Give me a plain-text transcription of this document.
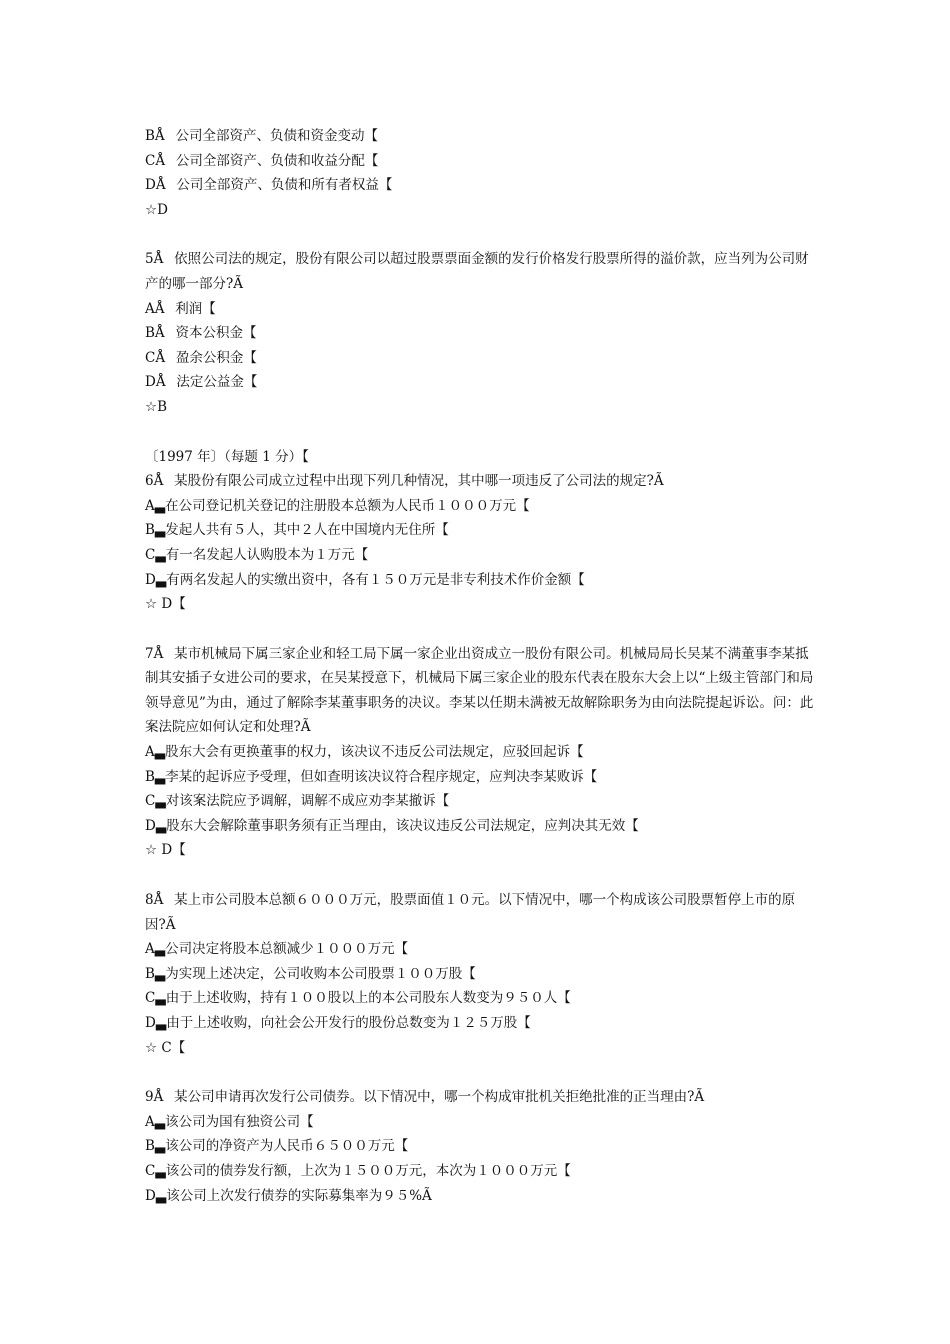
BÅ公司全部资产、负债和资金变动【

CÅ公司全部资产、负债和收益分配【

DÅ公司全部资产、负债和所有者权益【

☆D

5Å依照公司法的规定，股份有限公司以超过股票票面金额的发行价格发行股票所得的溢价款，应当列为公司财产的哪一部分?Ã

AÅ利润【

BÅ资本公积金【

CÅ盈余公积金【

DÅ法定公益金【

☆B

〔1997 年〕（每题 1 分）【

6Å某股份有限公司成立过程中出现下列几种情况，其中哪一项违反了公司法的规定?Ã

A▃在公司登记机关登记的注册股本总额为人民币１０００万元【

B▃发起人共有５人，其中２人在中国境内无住所【

C▃有一名发起人认购股本为１万元【

D▃有两名发起人的实缴出资中，各有１５０万元是非专利技术作价金额【

☆ D【

7Å某市机械局下属三家企业和轻工局下属一家企业出资成立一股份有限公司。机械局局长吴某不满董事李某抵制其安插子女进公司的要求，在吴某授意下，机械局下属三家企业的股东代表在股东大会上以“上级主管部门和局领导意见”为由，通过了解除李某董事职务的决议。李某以任期未满被无故解除职务为由向法院提起诉讼。问：此案法院应如何认定和处理?Ã

A▃股东大会有更换董事的权力，该决议不违反公司法规定，应驳回起诉【

B▃李某的起诉应予受理，但如查明该决议符合程序规定，应判决李某败诉【

C▃对该案法院应予调解，调解不成应劝李某撤诉【

D▃股东大会解除董事职务须有正当理由，该决议违反公司法规定，应判决其无效【

☆ D【

8Å某上市公司股本总额６０００万元，股票面值１０元。以下情况中，哪一个构成该公司股票暂停上市的原因?Ã

A▃公司决定将股本总额减少１０００万元【

B▃为实现上述决定，公司收购本公司股票１００万股【

C▃由于上述收购，持有１００股以上的本公司股东人数变为９５０人【

D▃由于上述收购，向社会公开发行的股份总数变为１２５万股【

☆ C【

9Å某公司申请再次发行公司债券。以下情况中，哪一个构成审批机关拒绝批准的正当理由?Ã

A▃该公司为国有独资公司【

B▃该公司的净资产为人民币６５００万元【

C▃该公司的债券发行额，上次为１５００万元，本次为１０００万元【

D▃该公司上次发行债券的实际募集率为９５%Ã
